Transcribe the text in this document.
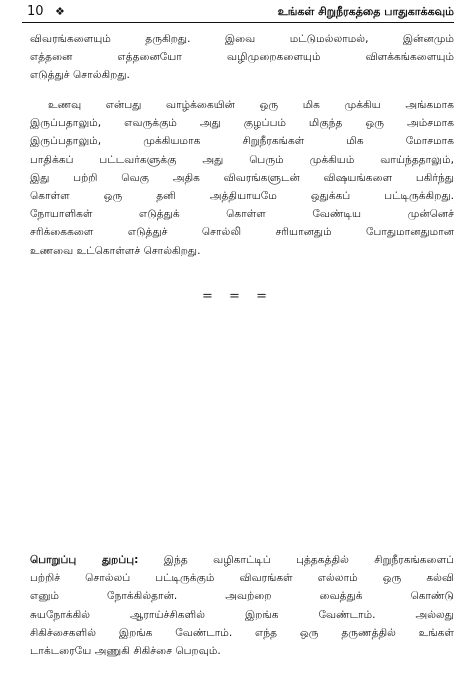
10 ❖	உங்கள் சிறுநீரகத்தை பாதுகாக்கவும்
விவரங்களையும் தருகிறது. இவை மட்டுமல்லாமல், இன்னமும்
எத்தனை எத்தனையோ வழிமுறைகளையும் விளக்கங்களையும்
எடுத்துச் சொல்கிறது.
உணவு என்பது வாழ்க்கையின் ஒரு மிக முக்கிய அங்கமாக
இருப்பதாலும், எவருக்கும் அது குழப்பம் மிகுந்த ஒரு அம்சமாக
இருப்பதாலும், முக்கியமாக சிறுநீரகங்கள் மிக மோசமாக
பாதிக்கப் பட்டவர்களுக்கு அது பெரும் முக்கியம் வாய்ந்ததாலும்,
இது பற்றி வெகு அதிக விவரங்களுடன் விஷயங்களை பகிர்ந்து
கொள்ள ஒரு தனி அத்தியாயமே ஒதுக்கப் பட்டிருக்கிறது.
நோயாளிகள் எடுத்துக் கொள்ள வேண்டிய முன்னெச்
சரிக்கைகளை எடுத்துச் சொல்லி சரியானதும் போதுமானதுமான
உணவை உட்கொள்ளச் சொல்கிறது.
= = =
பொறுப்பு துறப்பு: இந்த வழிகாட்டிப் புத்தகத்தில் சிறுநீரகங்களைப்
பற்றிச் சொல்லப் பட்டிருக்கும் விவரங்கள் எல்லாம் ஒரு கல்வி
எனும் நோக்கில்தான். அவற்றை வைத்துக் கொண்டு
சுயநோக்கில் ஆராய்ச்சிகளில் இறங்க வேண்டாம். அல்லது
சிகிச்சைகளில் இறங்க வேண்டாம். எந்த ஒரு தருணத்தில் உங்கள்
டாக்டரையே அணுகி சிகிச்சை பெறவும்.
